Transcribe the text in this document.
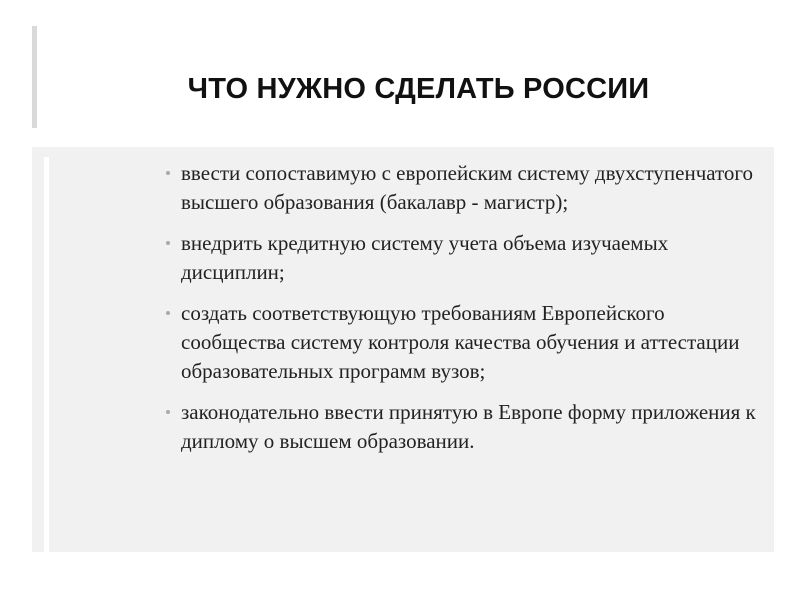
ЧТО НУЖНО СДЕЛАТЬ РОССИИ
ввести сопоставимую с европейским систему двухступенчатого высшего образования (бакалавр - магистр);
внедрить кредитную систему учета объема изучаемых дисциплин;
создать соответствующую требованиям Европейского сообщества систему контроля качества обучения и аттестации образовательных программ вузов;
законодательно ввести принятую в Европе форму приложения к диплому о высшем образовании.
